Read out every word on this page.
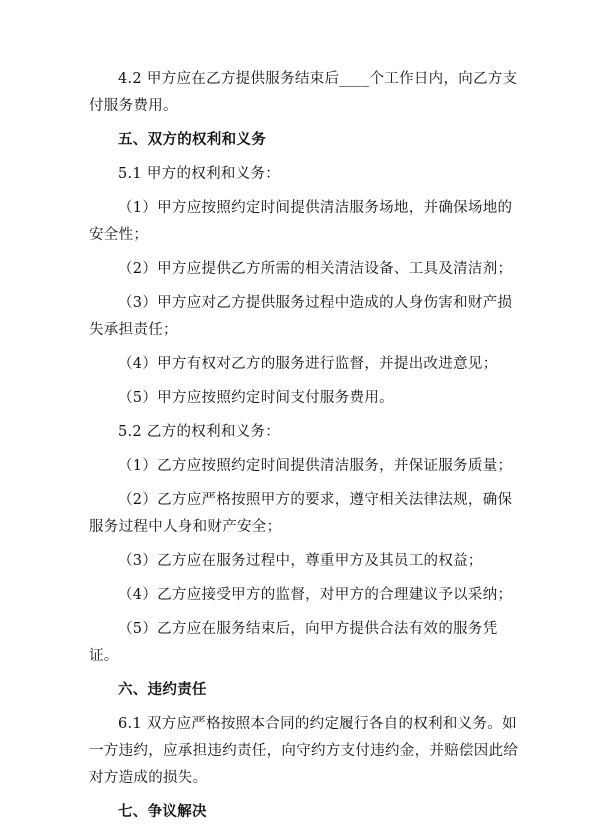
4.2 甲方应在乙方提供服务结束后____个工作日内，向乙方支付服务费用。

五、双方的权利和义务

5.1 甲方的权利和义务：

（1）甲方应按照约定时间提供清洁服务场地，并确保场地的安全性；

（2）甲方应提供乙方所需的相关清洁设备、工具及清洁剂；

（3）甲方应对乙方提供服务过程中造成的人身伤害和财产损失承担责任；

（4）甲方有权对乙方的服务进行监督，并提出改进意见；

（5）甲方应按照约定时间支付服务费用。

5.2 乙方的权利和义务：

（1）乙方应按照约定时间提供清洁服务，并保证服务质量；

（2）乙方应严格按照甲方的要求，遵守相关法律法规，确保服务过程中人身和财产安全；

（3）乙方应在服务过程中，尊重甲方及其员工的权益；

（4）乙方应接受甲方的监督，对甲方的合理建议予以采纳；

（5）乙方应在服务结束后，向甲方提供合法有效的服务凭证。

六、违约责任

6.1 双方应严格按照本合同的约定履行各自的权利和义务。如一方违约，应承担违约责任，向守约方支付违约金，并赔偿因此给对方造成的损失。

七、争议解决
